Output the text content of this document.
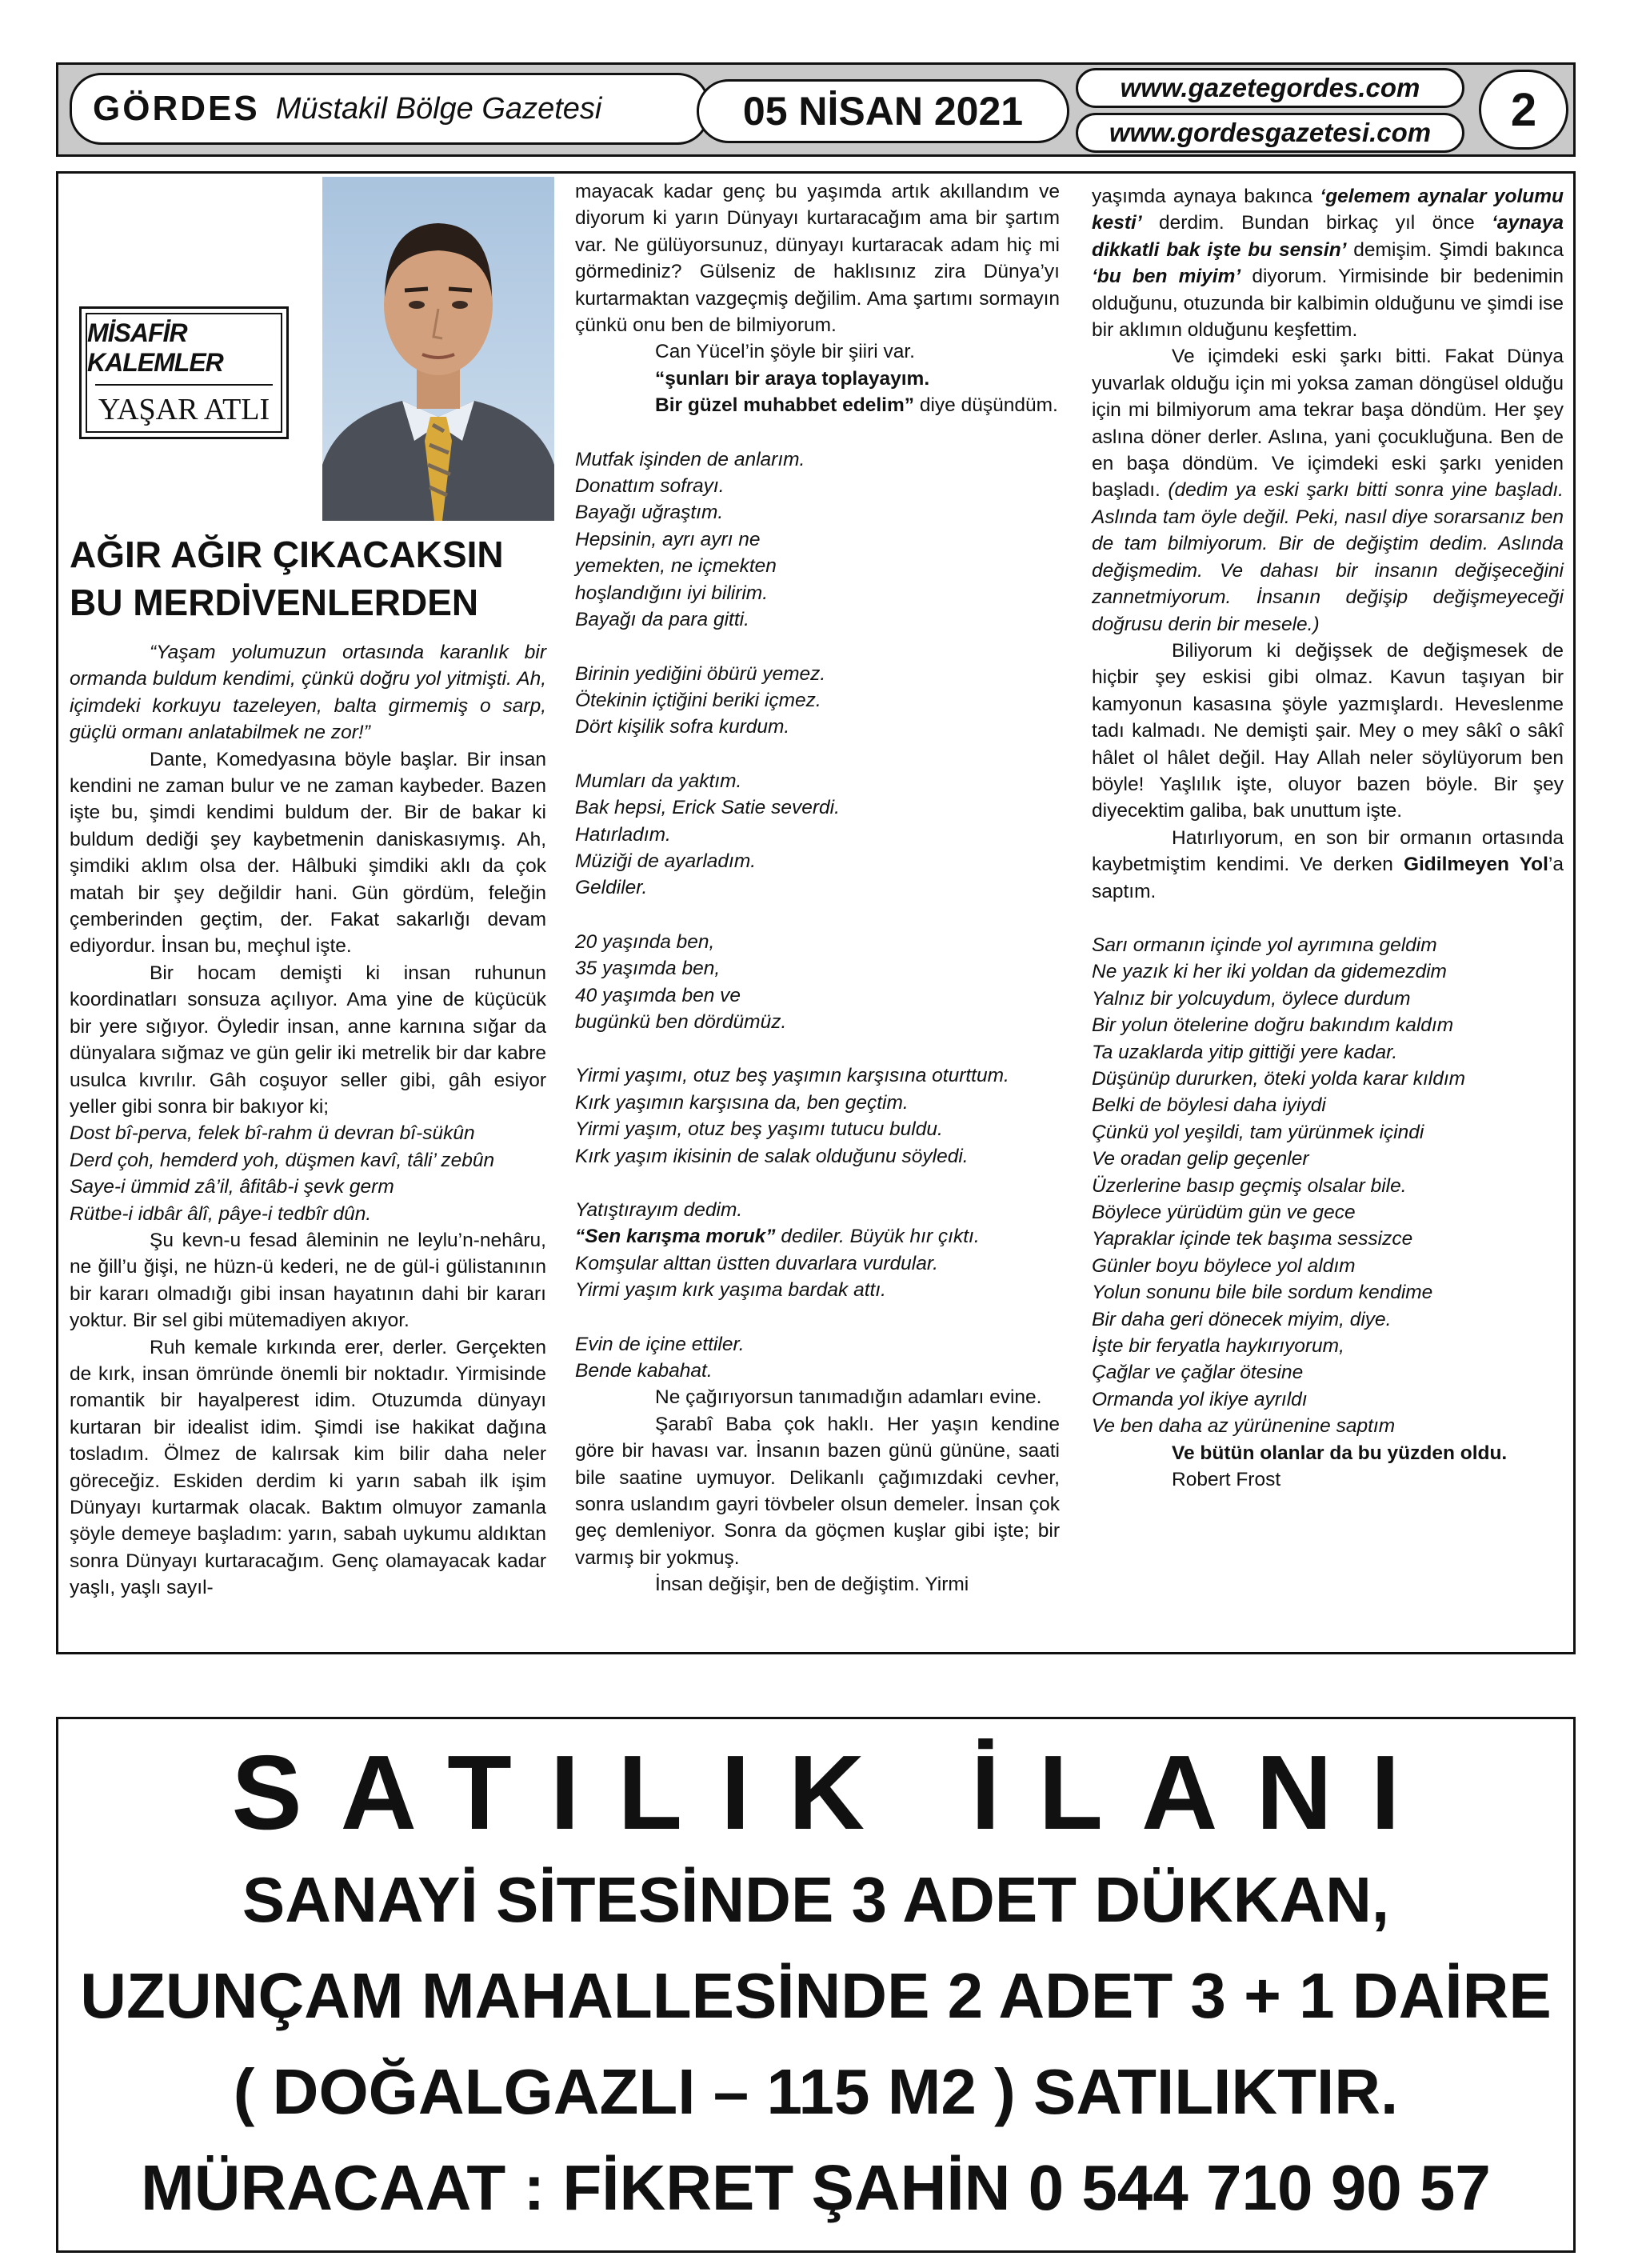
GÖRDES Müstakil Bölge Gazetesi	05 NİSAN 2021
www.gazetegordes.com
www.gordesgazetesi.com	2
MİSAFİR KALEMLER
YAŞAR ATLI
AĞIR AĞIR ÇIKACAKSIN
BU MERDİVENLERDEN

“Yaşam yolumuzun ortasında karanlık bir ormanda buldum kendimi, çünkü doğru yol yitmişti. Ah, içimdeki korkuyu tazeleyen, balta girmemiş o sarp, güçlü ormanı anlatabilmek ne zor!”

Dante, Komedyasına böyle başlar. Bir insan kendini ne zaman bulur ve ne zaman kaybeder. Bazen işte bu, şimdi kendimi buldum der. Bir de bakar ki buldum dediği şey kaybetmenin daniskasıymış. Ah, şimdiki aklım olsa der. Hâlbuki şimdiki aklı da çok matah bir şey değildir hani. Gün gördüm, feleğin çemberinden geçtim, der. Fakat sakarlığı devam ediyordur. İnsan bu, meçhul işte.

Bir hocam demişti ki insan ruhunun koordinatları sonsuza açılıyor. Ama yine de küçücük bir yere sığıyor. Öyledir insan, anne karnına sığar da dünyalara sığmaz ve gün gelir iki metrelik bir dar kabre usulca kıvrılır. Gâh coşuyor seller gibi, gâh esiyor yeller gibi sonra bir bakıyor ki;

Dost bî-perva, felek bî-rahm ü devran bî-sükûn

Derd çoh, hemderd yoh, düşmen kavî, tâli’ zebûn

Saye-i ümmid zâ’il, âfitâb-i şevk germ

Rütbe-i idbâr âlî, pâye-i tedbîr dûn.

Şu kevn-u fesad âleminin ne leylu’n-nehâru, ne ğill’u ğişi, ne hüzn-ü kederi, ne de gül-i gülistanının bir kararı olmadığı gibi insan hayatının dahi bir kararı yoktur. Bir sel gibi mütemadiyen akıyor.

Ruh kemale kırkında erer, derler. Gerçekten de kırk, insan ömründe önemli bir noktadır. Yirmisinde romantik bir hayalperest idim. Otuzumda dünyayı kurtaran bir idealist idim. Şimdi ise hakikat dağına tosladım. Ölmez de kalırsak kim bilir daha neler göreceğiz. Eskiden derdim ki yarın sabah ilk işim Dünyayı kurtarmak olacak. Baktım olmuyor zamanla şöyle demeye başladım: yarın, sabah uykumu aldıktan sonra Dünyayı kurtaracağım. Genç olamayacak kadar yaşlı, yaşlı sayıl-

mayacak kadar genç bu yaşımda artık akıllandım ve diyorum ki yarın Dünyayı kurtaracağım ama bir şartım var. Ne gülüyorsunuz, dünyayı kurtaracak adam hiç mi görmediniz? Gülseniz de haklısınız zira Dünya’yı kurtarmaktan vazgeçmiş değilim. Ama şartımı sormayın çünkü onu ben de bilmiyorum.

Can Yücel’in şöyle bir şiiri var.

“şunları bir araya toplayayım.

Bir güzel muhabbet edelim” diye düşündüm.

Mutfak işinden de anlarım.

Donattım sofrayı.

Bayağı uğraştım.

Hepsinin, ayrı ayrı ne

yemekten, ne içmekten

hoşlandığını iyi bilirim.

Bayağı da para gitti.

Birinin yediğini öbürü yemez.

Ötekinin içtiğini beriki içmez.

Dört kişilik sofra kurdum.

Mumları da yaktım.

Bak hepsi, Erick Satie severdi.

Hatırladım.

Müziği de ayarladım.

Geldiler.

20 yaşında ben,

35 yaşımda ben,

40 yaşımda ben ve

bugünkü ben dördümüz.

Yirmi yaşımı, otuz beş yaşımın karşısına oturttum.

Kırk yaşımın karşısına da, ben geçtim.

Yirmi yaşım, otuz beş yaşımı tutucu buldu.

Kırk yaşım ikisinin de salak olduğunu söyledi.

Yatıştırayım dedim.

“Sen karışma moruk” dediler. Büyük hır çıktı.

Komşular alttan üstten duvarlara vurdular.

Yirmi yaşım kırk yaşıma bardak attı.

Evin de içine ettiler.

Bende kabahat.

Ne çağırıyorsun tanımadığın adamları evine.

Şarabî Baba çok haklı. Her yaşın kendine göre bir havası var. İnsanın bazen günü gününe, saati bile saatine uymuyor. Delikanlı çağımızdaki cevher, sonra uslandım gayri tövbeler olsun demeler. İnsan çok geç demleniyor. Sonra da göçmen kuşlar gibi işte; bir varmış bir yokmuş.

İnsan değişir, ben de değiştim. Yirmi

yaşımda aynaya bakınca ‘gelemem aynalar yolumu kesti’ derdim. Bundan birkaç yıl önce ‘aynaya dikkatli bak işte bu sensin’ demişim. Şimdi bakınca ‘bu ben miyim’ diyorum. Yirmisinde bir bedenimin olduğunu, otuzunda bir kalbimin olduğunu ve şimdi ise bir aklımın olduğunu keşfettim.

Ve içimdeki eski şarkı bitti. Fakat Dünya yuvarlak olduğu için mi yoksa zaman döngüsel olduğu için mi bilmiyorum ama tekrar başa döndüm. Her şey aslına döner derler. Aslına, yani çocukluğuna. Ben de en başa döndüm. Ve içimdeki eski şarkı yeniden başladı. (dedim ya eski şarkı bitti sonra yine başladı. Aslında tam öyle değil. Peki, nasıl diye sorarsanız ben de tam bilmiyorum. Bir de değiştim dedim. Aslında değişmedim. Ve dahası bir insanın değişeceğini zannetmiyorum. İnsanın değişip değişmeyeceği doğrusu derin bir mesele.)

Biliyorum ki değişsek de değişmesek de hiçbir şey eskisi gibi olmaz. Kavun taşıyan bir kamyonun kasasına şöyle yazmışlardı. Heveslenme tadı kalmadı. Ne demişti şair. Mey o mey sâkî o sâkî hâlet ol hâlet değil. Hay Allah neler söylüyorum ben böyle! Yaşlılık işte, oluyor bazen böyle. Bir şey diyecektim galiba, bak unuttum işte.

Hatırlıyorum, en son bir ormanın ortasında kaybetmiştim kendimi. Ve derken Gidilmeyen Yol’a saptım.

Sarı ormanın içinde yol ayrımına geldim

Ne yazık ki her iki yoldan da gidemezdim

Yalnız bir yolcuydum, öylece durdum

Bir yolun ötelerine doğru bakındım kaldım

Ta uzaklarda yitip gittiği yere kadar.

Düşünüp dururken, öteki yolda karar kıldım

Belki de böylesi daha iyiydi

Çünkü yol yeşildi, tam yürünmek içindi

Ve oradan gelip geçenler

Üzerlerine basıp geçmiş olsalar bile.

Böylece yürüdüm gün ve gece

Yapraklar içinde tek başıma sessizce

Günler boyu böylece yol aldım

Yolun sonunu bile bile sordum kendime

Bir daha geri dönecek miyim, diye.

İşte bir feryatla haykırıyorum,

Çağlar ve çağlar ötesine

Ormanda yol ikiye ayrıldı

Ve ben daha az yürünenine saptım

Ve bütün olanlar da bu yüzden oldu.

Robert Frost

SATILIK İLANI
SANAYİ SİTESİNDE 3 ADET DÜKKAN,
UZUNÇAM MAHALLESİNDE 2 ADET 3 + 1 DAİRE
( DOĞALGAZLI – 115 M2 ) SATILIKTIR.
MÜRACAAT : FİKRET ŞAHİN 0 544 710 90 57
